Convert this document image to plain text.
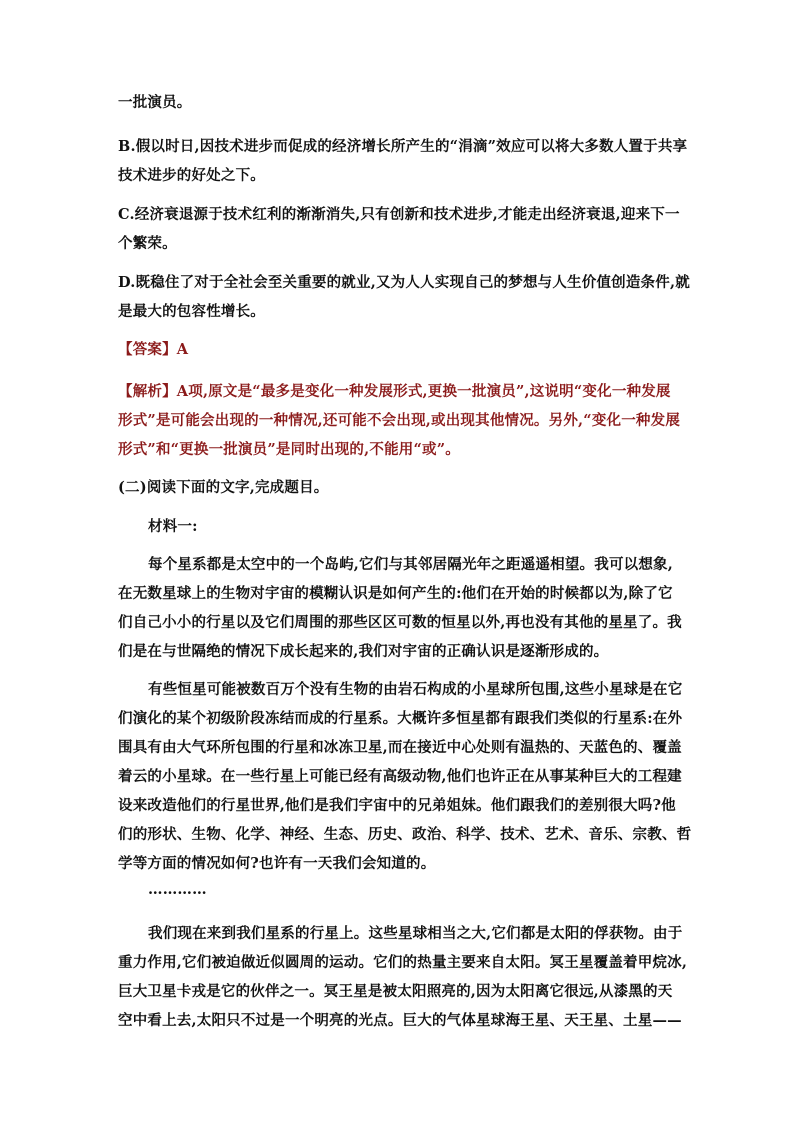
一批演员。

B.假以时日,因技术进步而促成的经济增长所产生的“涓滴”效应可以将大多数人置于共享
技术进步的好处之下。

C.经济衰退源于技术红利的渐渐消失,只有创新和技术进步,才能走出经济衰退,迎来下一
个繁荣。

D.既稳住了对于全社会至关重要的就业,又为人人实现自己的梦想与人生价值创造条件,就
是最大的包容性增长。

【答案】A

【解析】A项,原文是“最多是变化一种发展形式,更换一批演员”,这说明“变化一种发展
形式”是可能会出现的一种情况,还可能不会出现,或出现其他情况。另外,“变化一种发展
形式”和“更换一批演员”是同时出现的,不能用“或”。

(二)阅读下面的文字,完成题目。

材料一:

每个星系都是太空中的一个岛屿,它们与其邻居隔光年之距遥遥相望。我可以想象,
在无数星球上的生物对宇宙的模糊认识是如何产生的:他们在开始的时候都以为,除了它
们自己小小的行星以及它们周围的那些区区可数的恒星以外,再也没有其他的星星了。我
们是在与世隔绝的情况下成长起来的,我们对宇宙的正确认识是逐渐形成的。

有些恒星可能被数百万个没有生物的由岩石构成的小星球所包围,这些小星球是在它
们演化的某个初级阶段冻结而成的行星系。大概许多恒星都有跟我们类似的行星系:在外
围具有由大气环所包围的行星和冰冻卫星,而在接近中心处则有温热的、天蓝色的、覆盖
着云的小星球。在一些行星上可能已经有高级动物,他们也许正在从事某种巨大的工程建
设来改造他们的行星世界,他们是我们宇宙中的兄弟姐妹。他们跟我们的差别很大吗?他
们的形状、生物、化学、神经、生态、历史、政治、科学、技术、艺术、音乐、宗教、哲
学等方面的情况如何?也许有一天我们会知道的。

…………

我们现在来到我们星系的行星上。这些星球相当之大,它们都是太阳的俘获物。由于
重力作用,它们被迫做近似圆周的运动。它们的热量主要来自太阳。冥王星覆盖着甲烷冰,
巨大卫星卡戎是它的伙伴之一。冥王星是被太阳照亮的,因为太阳离它很远,从漆黑的天
空中看上去,太阳只不过是一个明亮的光点。巨大的气体星球海王星、天王星、土星——
